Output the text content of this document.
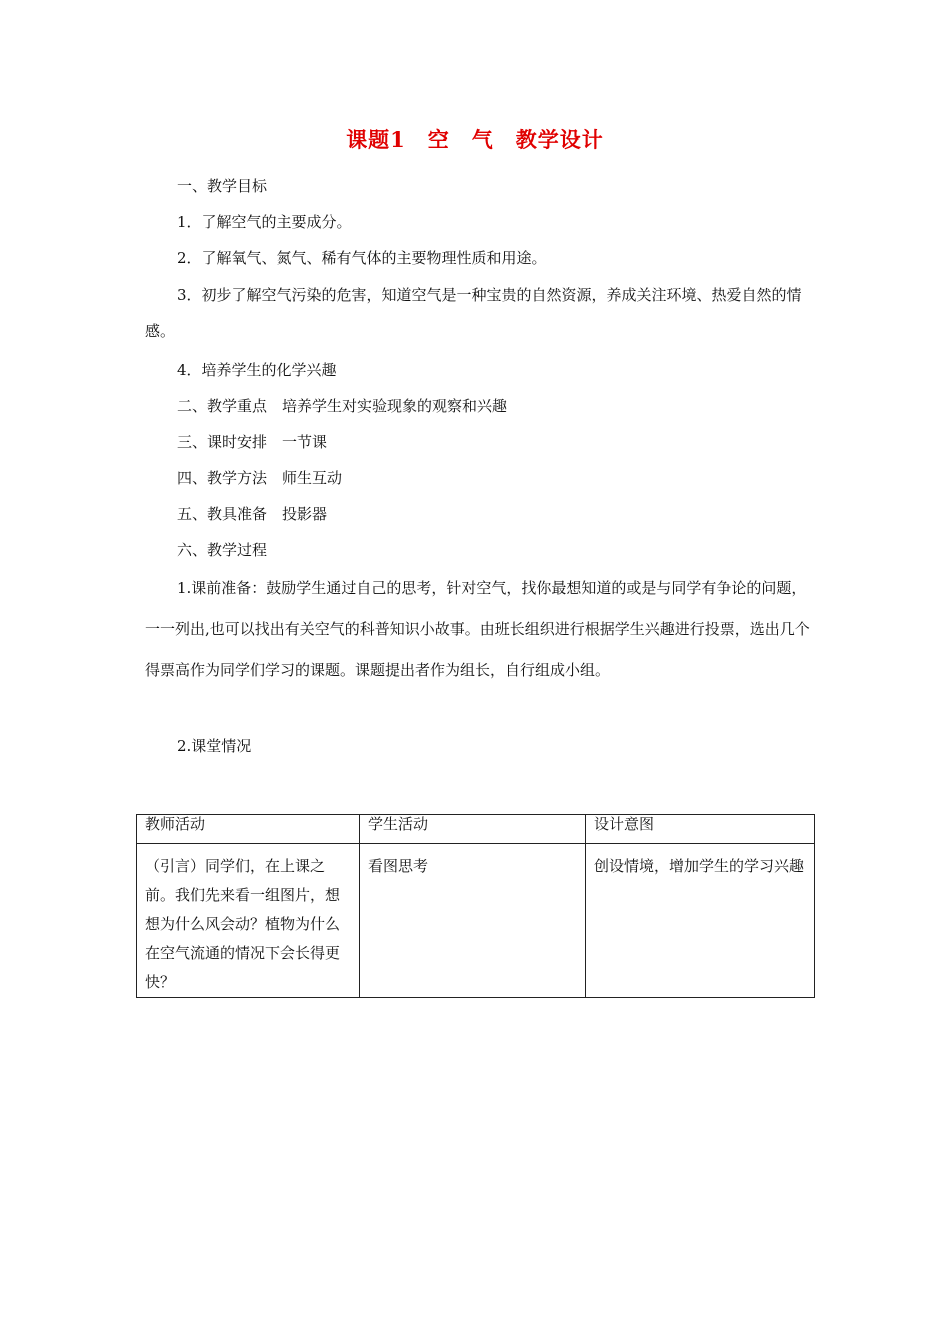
课题1　空　气　教学设计
一、教学目标
1．了解空气的主要成分。
2．了解氧气、氮气、稀有气体的主要物理性质和用途。
3．初步了解空气污染的危害，知道空气是一种宝贵的自然资源，养成关注环境、热爱自然的情感。
4．培养学生的化学兴趣
二、教学重点　培养学生对实验现象的观察和兴趣
三、课时安排　一节课
四、教学方法　师生互动
五、教具准备　投影器
六、教学过程
1.课前准备：鼓励学生通过自己的思考，针对空气，找你最想知道的或是与同学有争论的问题，一一列出,也可以找出有关空气的科普知识小故事。由班长组织进行根据学生兴趣进行投票，选出几个得票高作为同学们学习的课题。课题提出者作为组长，自行组成小组。
2.课堂情况
教师活动	学生活动	设计意图
（引言）同学们，在上课之前。我们先来看一组图片，想想为什么风会动？植物为什么在空气流通的情况下会长得更快？	看图思考	创设情境，增加学生的学习兴趣
